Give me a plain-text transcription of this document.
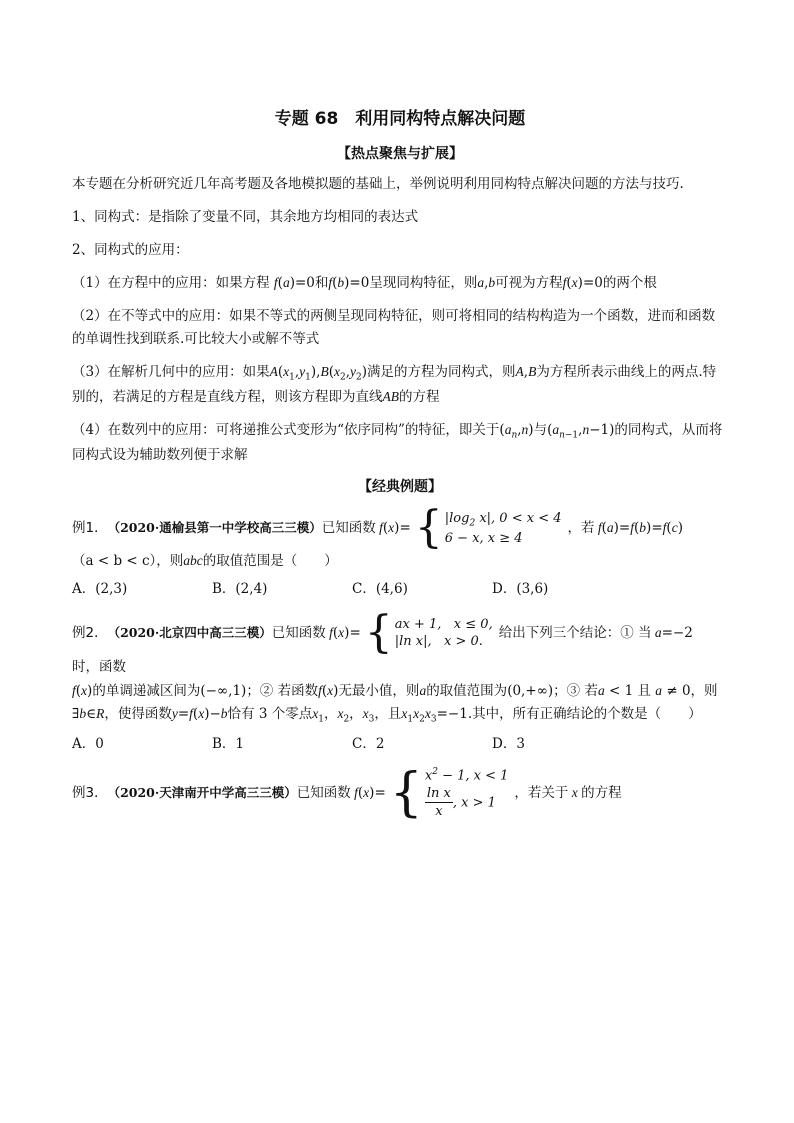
专题 68　利用同构特点解决问题
【热点聚焦与扩展】

本专题在分析研究近几年高考题及各地模拟题的基础上，举例说明利用同构特点解决问题的方法与技巧.

1、同构式：是指除了变量不同，其余地方均相同的表达式

2、同构式的应用：

（1）在方程中的应用：如果方程 f(a)=0和f(b)=0呈现同构特征，则a,b可视为方程f(x)=0的两个根

（2）在不等式中的应用：如果不等式的两侧呈现同构特征，则可将相同的结构构造为一个函数，进而和函数的单调性找到联系.可比较大小或解不等式

（3）在解析几何中的应用：如果$A(x_1,y_1),B(x_2,y_2)$满足的方程为同构式，则A,B为方程所表示曲线上的两点.特别的，若满足的方程是直线方程，则该方程即为直线AB的方程

（4）在数列中的应用：可将递推公式变形为“依序同构”的特征，即关于$(a_n,n)$与$(a_{n-1},n-1)$的同构式，从而将同构式设为辅助数列便于求解

【经典例题】
例1． （2020·通榆县第一中学校高三三模） 已知函数 f ( x )= { $|\log_2$ x|, 0 < x < 4
6 − x, x ≥ 4
，若 f ( a )= f ( b )= f ( c )

（a < b < c），则abc的取值范围是（　　）

A．(2,3)	B．(2,4)	C．(4,6)	D．(3,6)
例2． （2020·北京四中高三三模） 已知函数 f ( x )= { ax + 1,   x ≤ 0,
|ln x|,   x > 0.
给出下列三个结论：① 当 a =−2
时，函数

f(x)的单调递减区间为(−∞,1)；② 若函数f(x)无最小值，则a的取值范围为(0,+∞)；③ 若a < 1 且 a ≠ 0，则∃b∈R，使得函数y=f(x)−b恰有 3 个零点$x_1$，$x_2$，$x_3$，且$x_1x_2x_3=-1$.其中，所有正确结论的个数是（　　）

A．0	B．1	C．2	D．3
例3． （2020·天津南开中学高三三模） 已知函数 f ( x )= { $x^2 - 1$, x < 1
$\frac{\text{ln x}}{x}$ , x > 1
，若关于 x 的方程
